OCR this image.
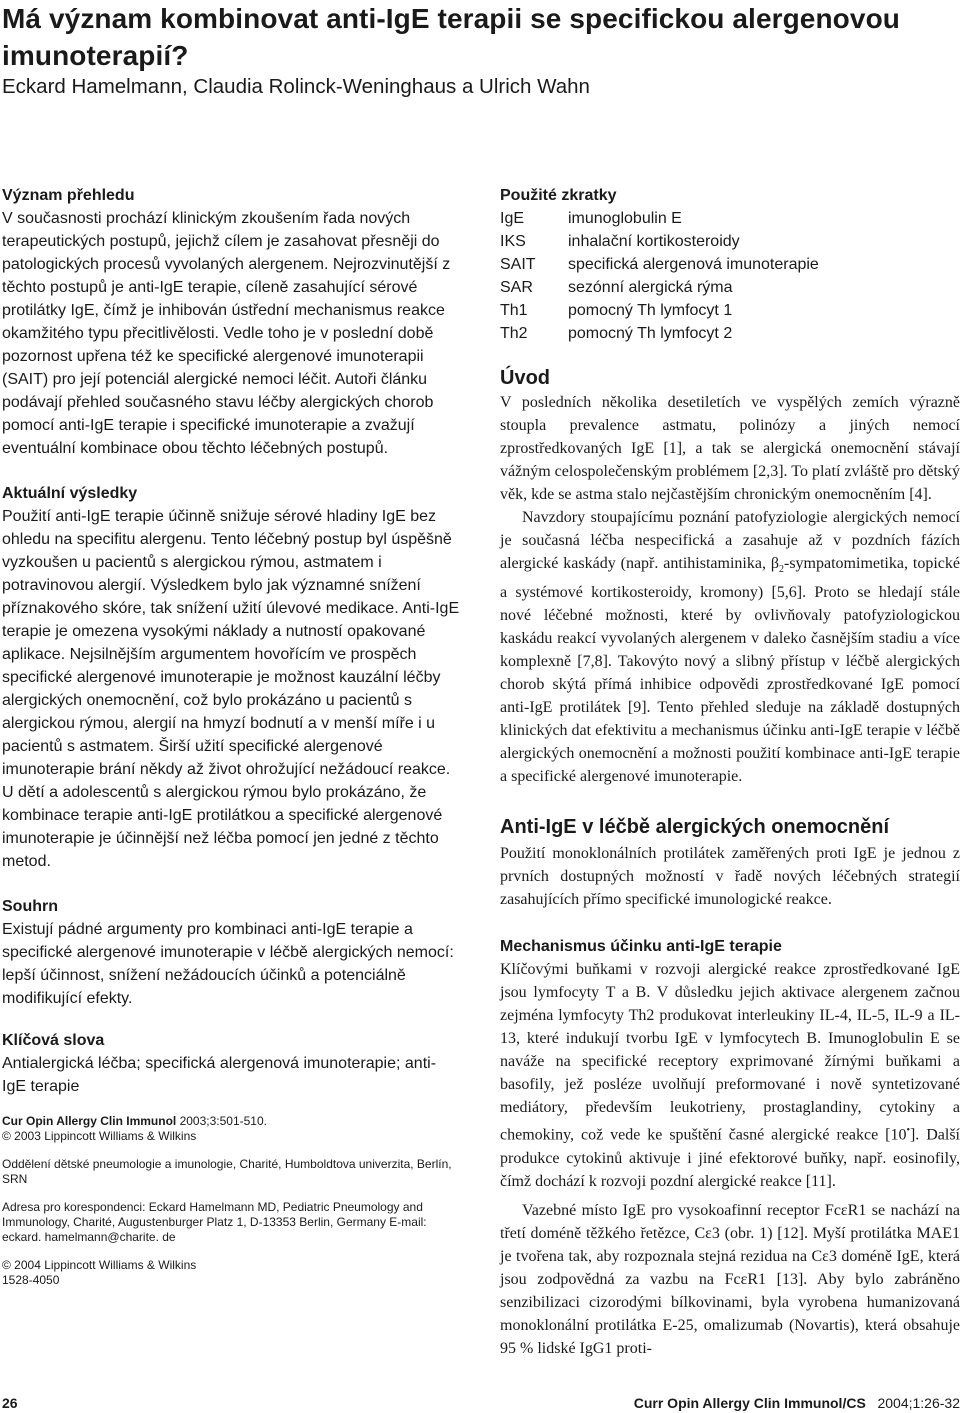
Má význam kombinovat anti-IgE terapii se specifickou alergenovou imunoterapií?

Eckard Hamelmann, Claudia Rolinck-Weninghaus a Ulrich Wahn

Význam přehledu

V současnosti prochází klinickým zkoušením řada nových terapeutických postupů, jejichž cílem je zasahovat přesněji do patologických procesů vyvolaných alergenem. Nejrozvinutější z těchto postupů je anti-IgE terapie, cíleně zasahující sérové protilátky IgE, čímž je inhibován ústřední mechanismus reakce okamžitého typu přecitlivělosti. Vedle toho je v poslední době pozornost upřena též ke specifické alergenové imunoterapii (SAIT) pro její potenciál alergické nemoci léčit. Autoři článku podávají přehled současného stavu léčby alergických chorob pomocí anti-IgE terapie i specifické imunoterapie a zvažují eventuální kombinace obou těchto léčebných postupů.

Aktuální výsledky

Použití anti-IgE terapie účinně snižuje sérové hladiny IgE bez ohledu na specifitu alergenu. Tento léčebný postup byl úspěšně vyzkoušen u pacientů s alergickou rýmou, astmatem i potravinovou alergií. Výsledkem bylo jak významné snížení příznakového skóre, tak snížení užití úlevové medikace. Anti-IgE terapie je omezena vysokými náklady a nutností opakované aplikace. Nejsilnějším argumentem hovořícím ve prospěch specifické alergenové imunoterapie je možnost kauzální léčby alergických onemocnění, což bylo prokázáno u pacientů s alergickou rýmou, alergií na hmyzí bodnutí a v menší míře i u pacientů s astmatem. Širší užití specifické alergenové imunoterapie brání někdy až život ohrožující nežádoucí reakce. U dětí a adolescentů s alergickou rýmou bylo prokázáno, že kombinace terapie anti-IgE protilátkou a specifické alergenové imunoterapie je účinnější než léčba pomocí jen jedné z těchto metod.

Souhrn

Existují pádné argumenty pro kombinaci anti-IgE terapie a specifické alergenové imunoterapie v léčbě alergických nemocí: lepší účinnost, snížení nežádoucích účinků a potenciálně modifikující efekty.

Klíčová slova

Antialergická léčba; specifická alergenová imunoterapie; anti-IgE terapie

Cur Opin Allergy Clin Immunol 2003;3:501-510.

© 2003 Lippincott Williams & Wilkins

Oddělení dětské pneumologie a imunologie, Charité, Humboldtova univerzita, Berlín, SRN

Adresa pro korespondenci: Eckard Hamelmann MD, Pediatric Pneumology and Immunology, Charité, Augustenburger Platz 1, D-13353 Berlin, Germany E-mail: eckard. hamelmann@charite. de

© 2004 Lippincott Williams & Wilkins

1528-4050

Použité zkratky

IgE	imunoglobulin E
IKS	inhalační kortikosteroidy
SAIT	specifická alergenová imunoterapie
SAR	sezónní alergická rýma
Th1	pomocný Th lymfocyt 1
Th2	pomocný Th lymfocyt 2

Úvod

V posledních několika desetiletích ve vyspělých zemích výrazně stoupla prevalence astmatu, polinózy a jiných nemocí zprostředkovaných IgE [1], a tak se alergická onemocnění stávají vážným celospolečenským problémem [2,3]. To platí zvláště pro dětský věk, kde se astma stalo nejčastějším chronickým onemocněním [4].

Navzdory stoupajícímu poznání patofyziologie alergických nemocí je současná léčba nespecifická a zasahuje až v pozdních fázích alergické kaskády (např. antihistaminika, $\beta_2$-sympatomimetika, topické a systémové kortikosteroidy, kromony) [5,6]. Proto se hledají stále nové léčebné možnosti, které by ovlivňovaly patofyziologickou kaskádu reakcí vyvolaných alergenem v daleko časnějším stadiu a více komplexně [7,8]. Takovýto nový a slibný přístup v léčbě alergických chorob skýtá přímá inhibice odpovědi zprostředkované IgE pomocí anti-IgE protilátek [9]. Tento přehled sleduje na základě dostupných klinických dat efektivitu a mechanismus účinku anti-IgE terapie v léčbě alergických onemocnění a možnosti použití kombinace anti-IgE terapie a specifické alergenové imunoterapie.

Anti-IgE v léčbě alergických onemocnění

Použití monoklonálních protilátek zaměřených proti IgE je jednou z prvních dostupných možností v řadě nových léčebných strategií zasahujících přímo specifické imunologické reakce.

Mechanismus účinku anti-IgE terapie

Klíčovými buňkami v rozvoji alergické reakce zprostředkované IgE jsou lymfocyty T a B. V důsledku jejich aktivace alergenem začnou zejména lymfocyty Th2 produkovat interleukiny IL-4, IL-5, IL-9 a IL-13, které indukují tvorbu IgE v lymfocytech B. Imunoglobulin E se naváže na specifické receptory exprimované žírnými buňkami a basofily, jež posléze uvolňují preformované i nově syntetizované mediátory, především leukotrieny, prostaglandiny, cytokiny a chemokiny, což vede ke spuštění časné alergické reakce [10•]. Další produkce cytokinů aktivuje i jiné efektorové buňky, např. eosinofily, čímž dochází k rozvoji pozdní alergické reakce [11].

Vazebné místo IgE pro vysokoafinní receptor FcεR1 se nachází na třetí doméně těžkého řetězce, Cε3 (obr. 1) [12]. Myší protilátka MAE1 je tvořena tak, aby rozpoznala stejná rezidua na Cε3 doméně IgE, která jsou zodpovědná za vazbu na FcεR1 [13]. Aby bylo zabráněno senzibilizaci cizorodými bílkovinami, byla vyrobena humanizovaná monoklonální protilátka E-25, omalizumab (Novartis), která obsahuje 95 % lidské IgG1 proti-

26	Curr Opin Allergy Clin Immunol/CS 2004;1:26-32
